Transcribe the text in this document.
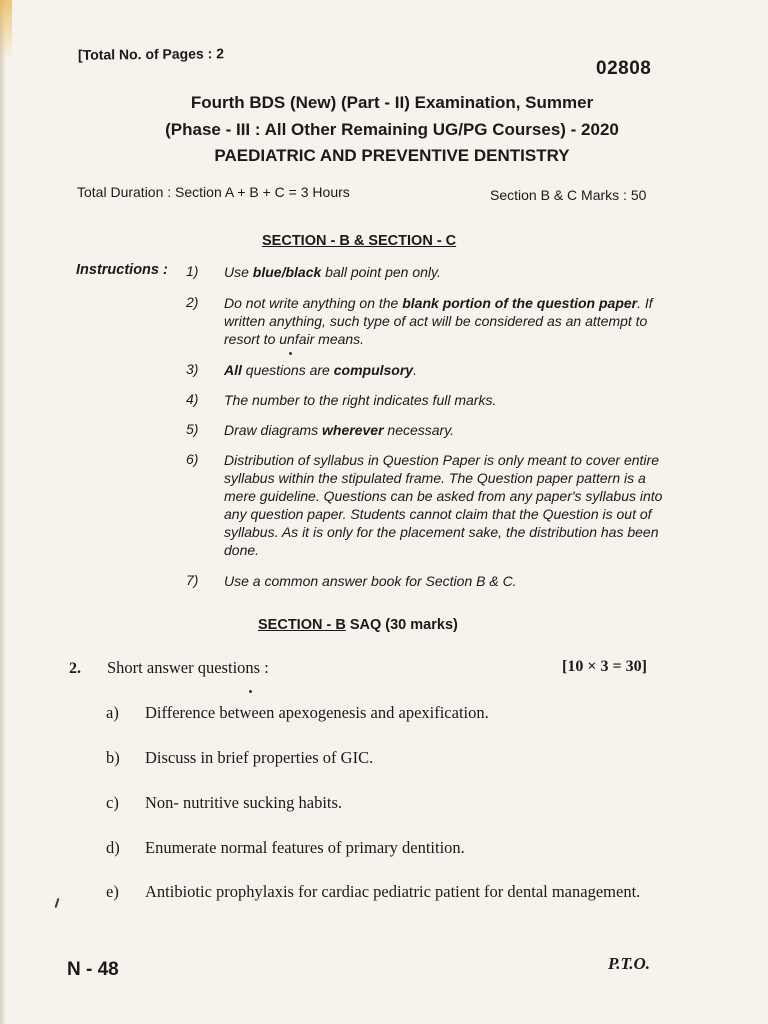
[Total No. of Pages : 2
02808
Fourth BDS (New) (Part - II) Examination, Summer
(Phase - III : All Other Remaining UG/PG Courses) - 2020
PAEDIATRIC AND PREVENTIVE DENTISTRY
Total Duration : Section A + B + C = 3 Hours	Section B & C Marks : 50
SECTION - B & SECTION - C
Instructions : 1) Use blue/black ball point pen only.
2) Do not write anything on the blank portion of the question paper. If written anything, such type of act will be considered as an attempt to resort to unfair means.
3) All questions are compulsory.
4) The number to the right indicates full marks.
5) Draw diagrams wherever necessary.
6) Distribution of syllabus in Question Paper is only meant to cover entire syllabus within the stipulated frame. The Question paper pattern is a mere guideline. Questions can be asked from any paper's syllabus into any question paper. Students cannot claim that the Question is out of syllabus. As it is only for the placement sake, the distribution has been done.
7) Use a common answer book for Section B & C.
SECTION - B SAQ (30 marks)
2. Short answer questions :	[10 × 3 = 30]
a) Difference between apexogenesis and apexification.
b) Discuss in brief properties of GIC.
c) Non- nutritive sucking habits.
d) Enumerate normal features of primary dentition.
e) Antibiotic prophylaxis for cardiac pediatric patient for dental management.
N - 48	P.T.O.
